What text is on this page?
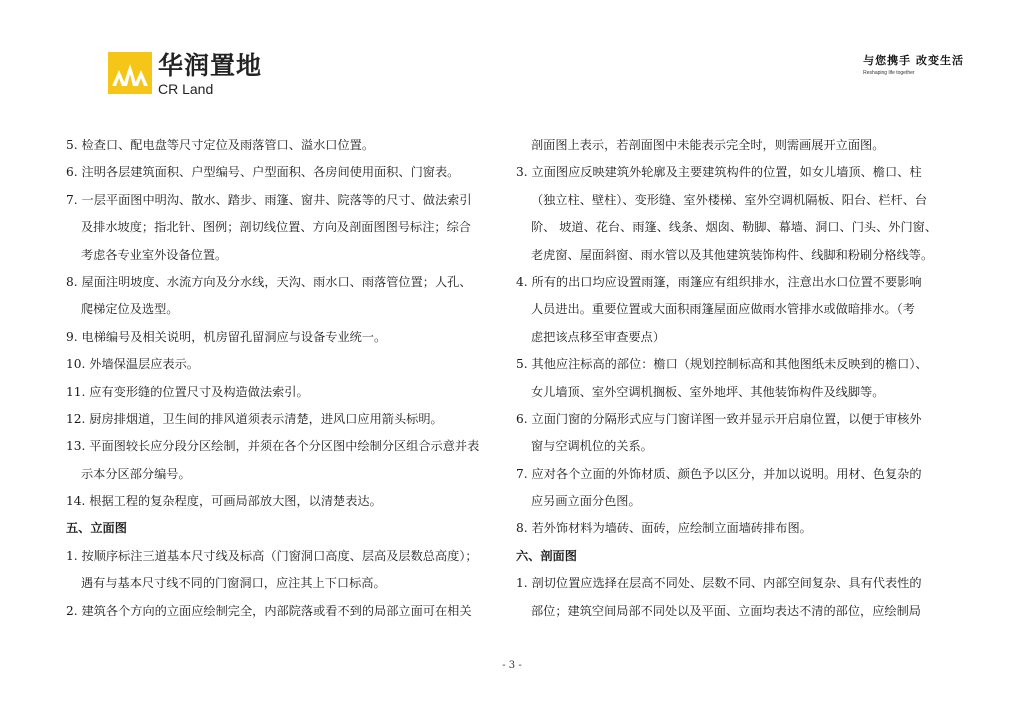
华润置地
CR Land
与您携手 改变生活
Reshaping life together
5. 检查口、配电盘等尺寸定位及雨落管口、溢水口位置。
6. 注明各层建筑面积、户型编号、户型面积、各房间使用面积、门窗表。
7. 一层平面图中明沟、散水、踏步、雨篷、窗井、院落等的尺寸、做法索引
及排水坡度；指北针、图例；剖切线位置、方向及剖面图图号标注；综合
考虑各专业室外设备位置。
8. 屋面注明坡度、水流方向及分水线，天沟、雨水口、雨落管位置；人孔、
爬梯定位及选型。
9. 电梯编号及相关说明，机房留孔留洞应与设备专业统一。
10. 外墙保温层应表示。
11. 应有变形缝的位置尺寸及构造做法索引。
12. 厨房排烟道，卫生间的排风道须表示清楚，进风口应用箭头标明。
13. 平面图较长应分段分区绘制，并须在各个分区图中绘制分区组合示意并表
示本分区部分编号。
14. 根据工程的复杂程度，可画局部放大图，以清楚表达。
五、立面图
1. 按顺序标注三道基本尺寸线及标高（门窗洞口高度、层高及层数总高度）；
遇有与基本尺寸线不同的门窗洞口，应注其上下口标高。
2. 建筑各个方向的立面应绘制完全，内部院落或看不到的局部立面可在相关
剖面图上表示，若剖面图中未能表示完全时，则需画展开立面图。
3. 立面图应反映建筑外轮廓及主要建筑构件的位置，如女儿墙顶、檐口、柱
（独立柱、壁柱）、变形缝、室外楼梯、室外空调机隔板、阳台、栏杆、台
阶、 坡道、花台、雨篷、线条、烟囱、勒脚、幕墙、洞口、门头、外门窗、
老虎窗、屋面斜窗、雨水管以及其他建筑装饰构件、线脚和粉刷分格线等。
4. 所有的出口均应设置雨篷，雨篷应有组织排水，注意出水口位置不要影响
人员进出。重要位置或大面积雨篷屋面应做雨水管排水或做暗排水。（考
虑把该点移至审查要点）
5. 其他应注标高的部位：檐口（规划控制标高和其他图纸未反映到的檐口）、
女儿墙顶、室外空调机搁板、室外地坪、其他装饰构件及线脚等。
6. 立面门窗的分隔形式应与门窗详图一致并显示开启扇位置，以便于审核外
窗与空调机位的关系。
7. 应对各个立面的外饰材质、颜色予以区分，并加以说明。用材、色复杂的
应另画立面分色图。
8. 若外饰材料为墙砖、面砖，应绘制立面墙砖排布图。
六、剖面图
1. 剖切位置应选择在层高不同处、层数不同、内部空间复杂、具有代表性的
部位；建筑空间局部不同处以及平面、立面均表达不清的部位，应绘制局
- 3 -
